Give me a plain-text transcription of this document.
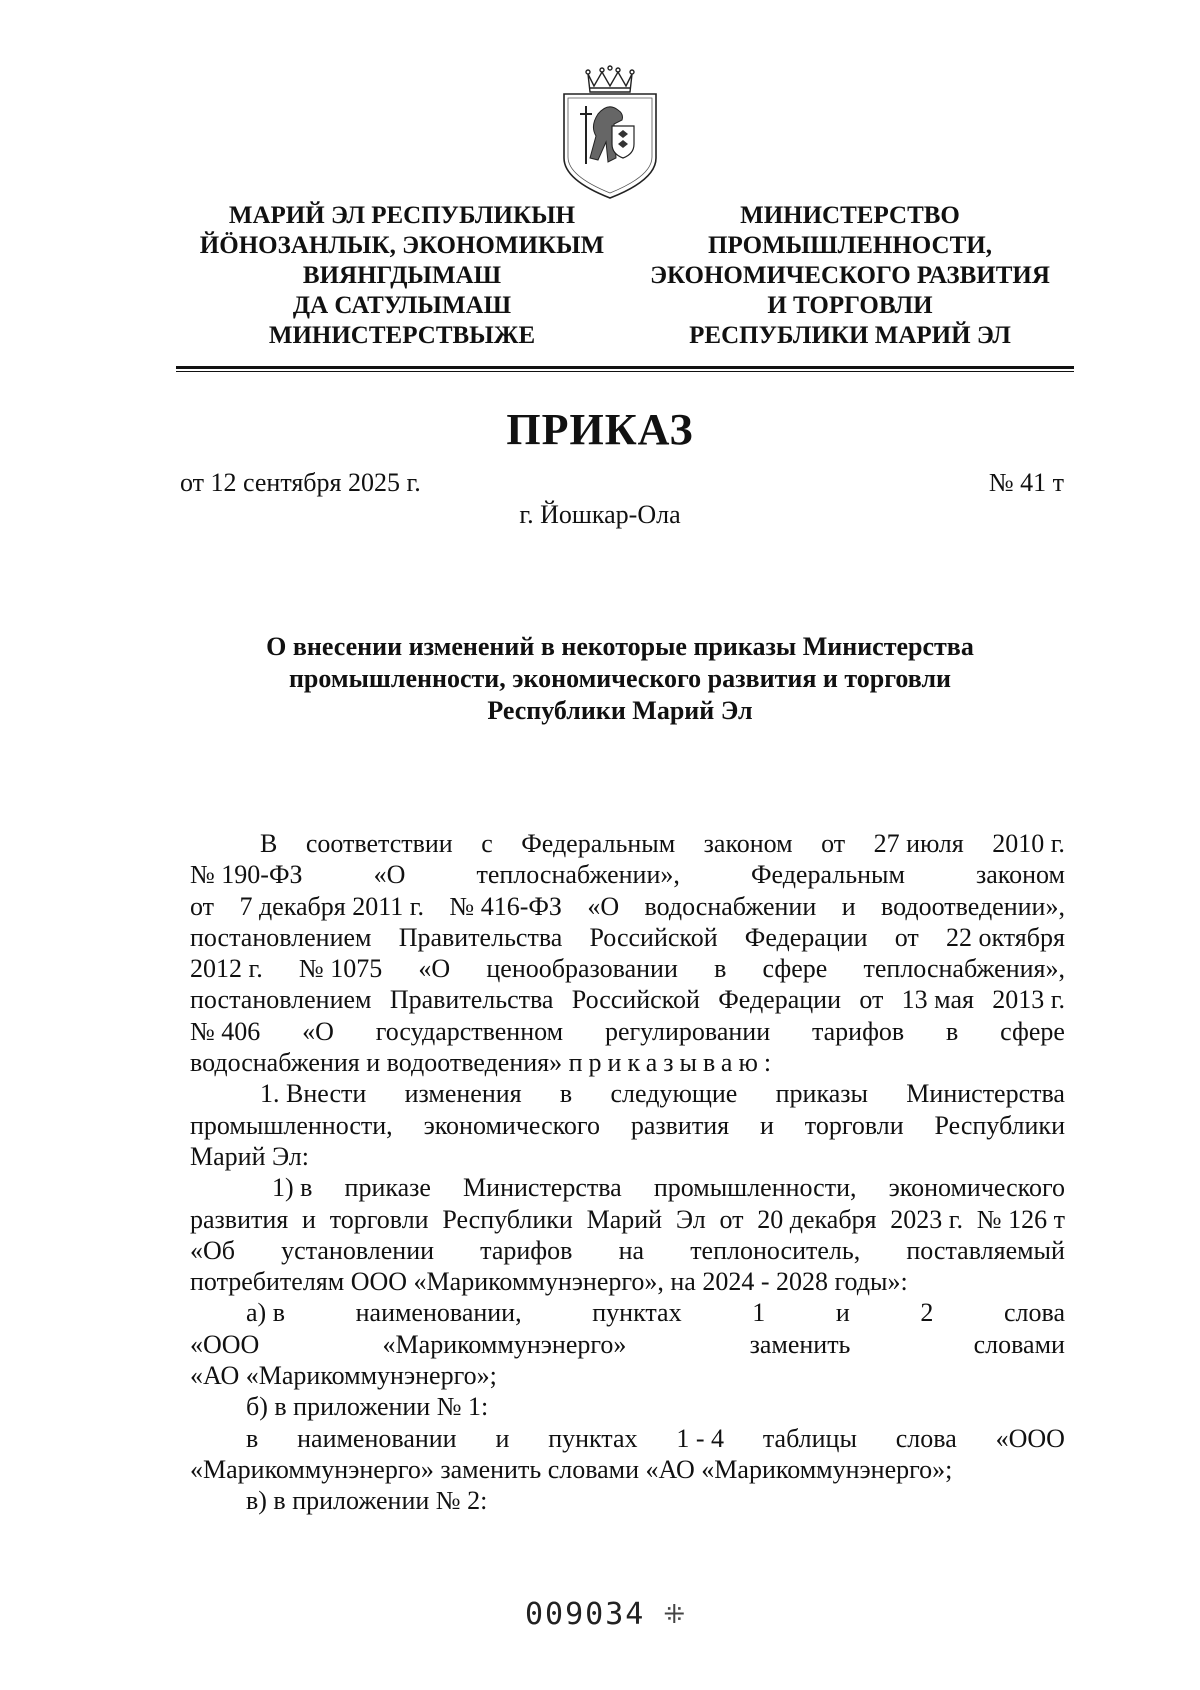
МАРИЙ ЭЛ РЕСПУБЛИКЫН
ЙӦНОЗАНЛЫК, ЭКОНОМИКЫМ
ВИЯНГДЫМАШ
ДА САТУЛЫМАШ
МИНИСТЕРСТВЫЖЕ
МИНИСТЕРСТВО
ПРОМЫШЛЕННОСТИ,
ЭКОНОМИЧЕСКОГО РАЗВИТИЯ
И ТОРГОВЛИ
РЕСПУБЛИКИ МАРИЙ ЭЛ
ПРИКАЗ
от 12 сентября 2025 г.	№ 41 т
г. Йошкар-Ола
О внесении изменений в некоторые приказы Министерства
промышленности, экономического развития и торговли
Республики Марий Эл
В соответствии с Федеральным законом от 27 июля 2010 г.
№ 190-ФЗ	«О	теплоснабжении»,	Федеральным	законом
от 7 декабря 2011 г. № 416-ФЗ «О водоснабжении и водоотведении»,
постановлением Правительства Российской Федерации от 22 октября
2012 г. № 1075 «О ценообразовании в сфере теплоснабжения»,
постановлением Правительства Российской Федерации от 13 мая 2013 г.
№ 406 «О государственном регулировании тарифов в сфере
водоснабжения и водоотведения» приказываю:
1. Внести изменения в следующие приказы Министерства
промышленности, экономического развития и торговли Республики
Марий Эл:
1) в приказе Министерства промышленности, экономического
развития и торговли Республики Марий Эл от 20 декабря 2023 г. № 126 т
«Об установлении тарифов на теплоноситель, поставляемый
потребителям ООО «Марикоммунэнерго», на 2024 - 2028 годы»:
а) в	наименовании,	пунктах	1	и	2	слова
«ООО	«Марикоммунэнерго»	заменить	словами
«АО «Марикоммунэнерго»;
б) в приложении № 1:
в наименовании и пунктах 1 - 4 таблицы слова «ООО
«Марикоммунэнерго» заменить словами «АО «Марикоммунэнерго»;
в) в приложении № 2:
009034 ⁜
